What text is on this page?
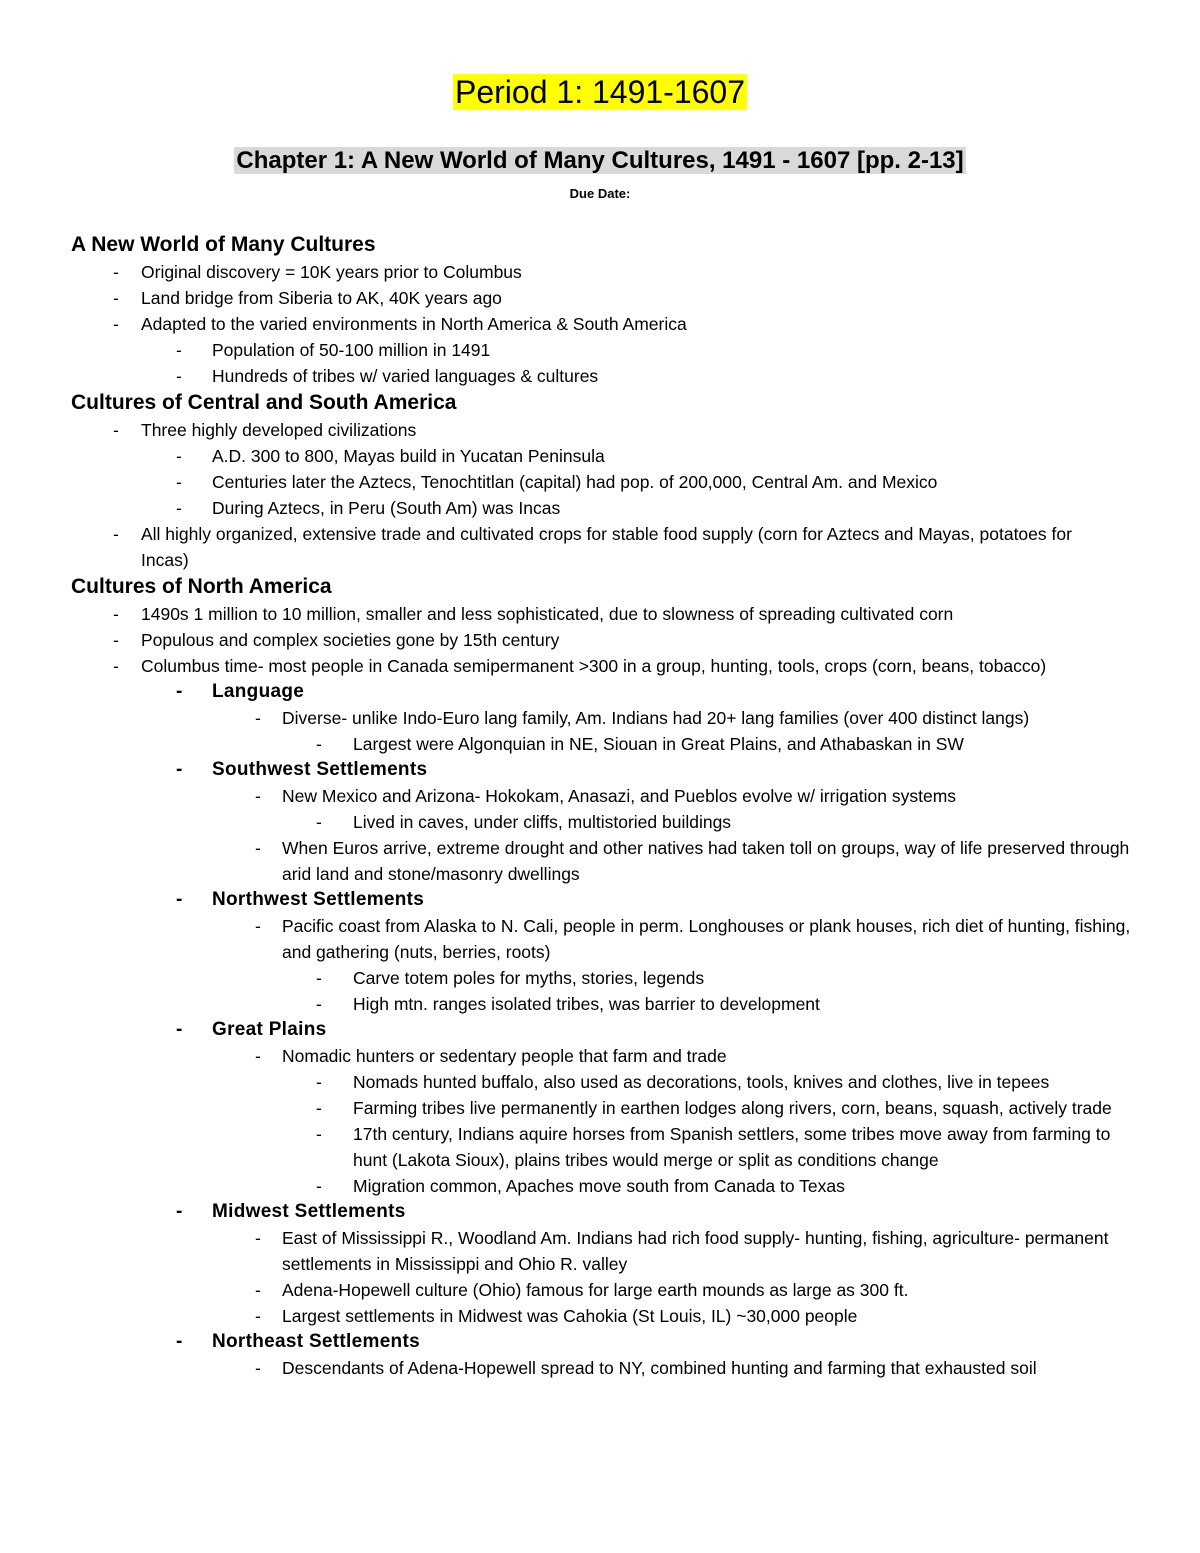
Period 1: 1491-1607
Chapter 1: A New World of Many Cultures, 1491 - 1607 [pp. 2-13]
Due Date:
A New World of Many Cultures
- Original discovery = 10K years prior to Columbus
- Land bridge from Siberia to AK, 40K years ago
- Adapted to the varied environments in North America & South America
- Population of 50-100 million in 1491
- Hundreds of tribes w/ varied languages & cultures
Cultures of Central and South America
- Three highly developed civilizations
- A.D. 300 to 800, Mayas build in Yucatan Peninsula
- Centuries later the Aztecs, Tenochtitlan (capital) had pop. of 200,000, Central Am. and Mexico
- During Aztecs, in Peru (South Am) was Incas
- All highly organized, extensive trade and cultivated crops for stable food supply (corn for Aztecs and Mayas, potatoes for Incas)
Cultures of North America
- 1490s 1 million to 10 million, smaller and less sophisticated, due to slowness of spreading cultivated corn
- Populous and complex societies gone by 15th century
- Columbus time- most people in Canada semipermanent >300 in a group, hunting, tools, crops (corn, beans, tobacco)
- Language
- Diverse- unlike Indo-Euro lang family, Am. Indians had 20+ lang families (over 400 distinct langs)
- Largest were Algonquian in NE, Siouan in Great Plains, and Athabaskan in SW
- Southwest Settlements
- New Mexico and Arizona- Hokokam, Anasazi, and Pueblos evolve w/ irrigation systems
- Lived in caves, under cliffs, multistoried buildings
- When Euros arrive, extreme drought and other natives had taken toll on groups, way of life preserved through arid land and stone/masonry dwellings
- Northwest Settlements
- Pacific coast from Alaska to N. Cali, people in perm. Longhouses or plank houses, rich diet of hunting, fishing, and gathering (nuts, berries, roots)
- Carve totem poles for myths, stories, legends
- High mtn. ranges isolated tribes, was barrier to development
- Great Plains
- Nomadic hunters or sedentary people that farm and trade
- Nomads hunted buffalo, also used as decorations, tools, knives and clothes, live in tepees
- Farming tribes live permanently in earthen lodges along rivers, corn, beans, squash, actively trade
- 17th century, Indians aquire horses from Spanish settlers, some tribes move away from farming to hunt (Lakota Sioux), plains tribes would merge or split as conditions change
- Migration common, Apaches move south from Canada to Texas
- Midwest Settlements
- East of Mississippi R., Woodland Am. Indians had rich food supply- hunting, fishing, agriculture- permanent settlements in Mississippi and Ohio R. valley
- Adena-Hopewell culture (Ohio) famous for large earth mounds as large as 300 ft.
- Largest settlements in Midwest was Cahokia (St Louis, IL) ~30,000 people
- Northeast Settlements
- Descendants of Adena-Hopewell spread to NY, combined hunting and farming that exhausted soil
